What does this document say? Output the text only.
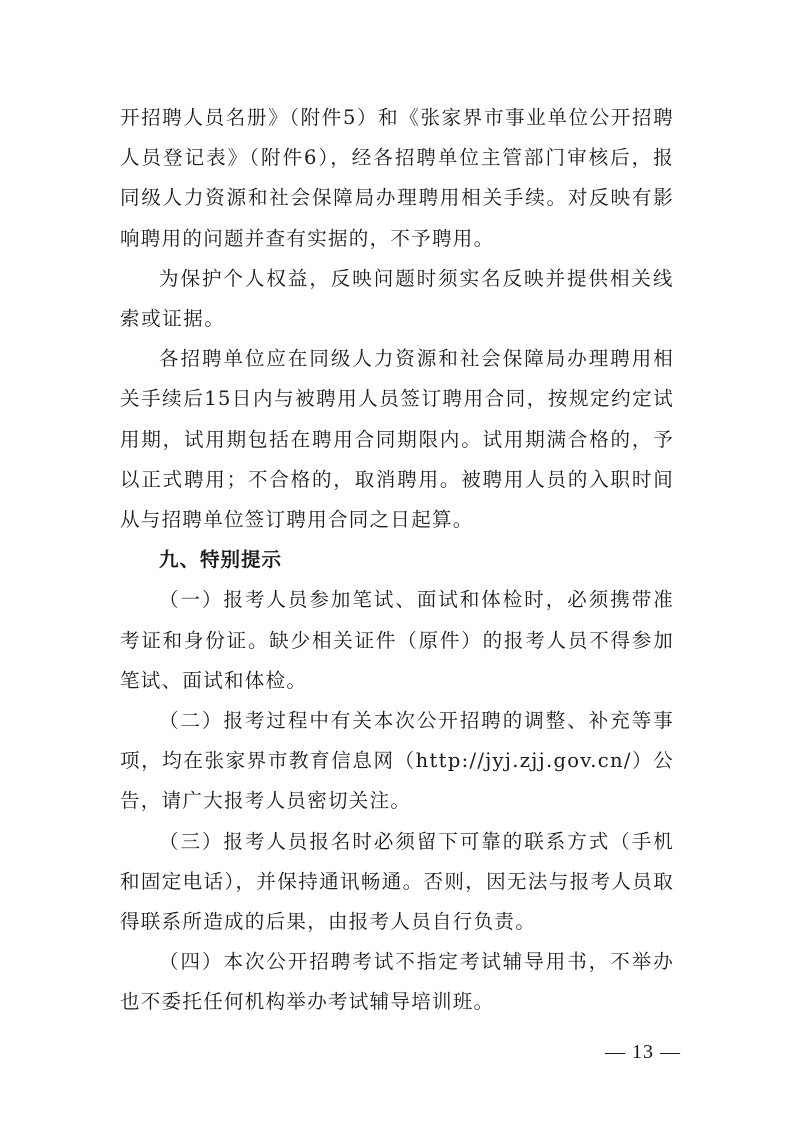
开招聘人员名册》（附件5）和《张家界市事业单位公开招聘人员登记表》（附件6），经各招聘单位主管部门审核后，报同级人力资源和社会保障局办理聘用相关手续。对反映有影响聘用的问题并查有实据的，不予聘用。

为保护个人权益，反映问题时须实名反映并提供相关线索或证据。

各招聘单位应在同级人力资源和社会保障局办理聘用相关手续后15日内与被聘用人员签订聘用合同，按规定约定试用期，试用期包括在聘用合同期限内。试用期满合格的，予以正式聘用；不合格的，取消聘用。被聘用人员的入职时间从与招聘单位签订聘用合同之日起算。

九、特别提示

（一）报考人员参加笔试、面试和体检时，必须携带准考证和身份证。缺少相关证件（原件）的报考人员不得参加笔试、面试和体检。

（二）报考过程中有关本次公开招聘的调整、补充等事项，均在张家界市教育信息网（http://jyj.zjj.gov.cn/）公告，请广大报考人员密切关注。

（三）报考人员报名时必须留下可靠的联系方式（手机和固定电话），并保持通讯畅通。否则，因无法与报考人员取得联系所造成的后果，由报考人员自行负责。

（四）本次公开招聘考试不指定考试辅导用书，不举办也不委托任何机构举办考试辅导培训班。

— 13 —
